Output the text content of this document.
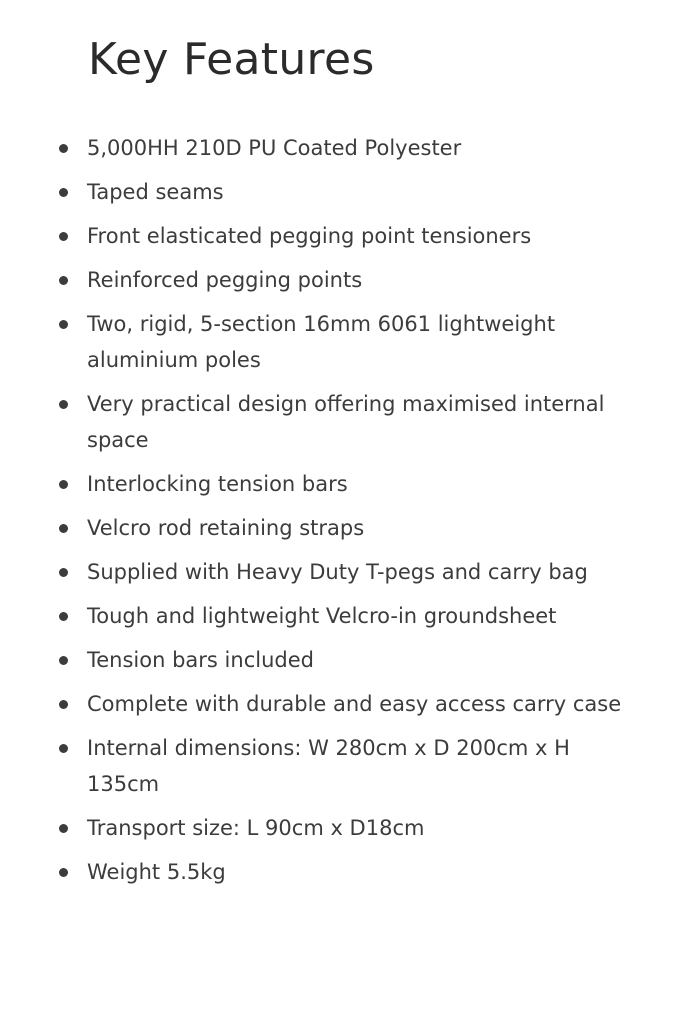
Key Features
5,000HH 210D PU Coated Polyester
Taped seams
Front elasticated pegging point tensioners
Reinforced pegging points
Two, rigid, 5-section 16mm 6061 lightweight aluminium poles
Very practical design offering maximised internal space
Interlocking tension bars
Velcro rod retaining straps
Supplied with Heavy Duty T-pegs and carry bag
Tough and lightweight Velcro-in groundsheet
Tension bars included
Complete with durable and easy access carry case
Internal dimensions: W 280cm x D 200cm x H 135cm
Transport size: L 90cm x D18cm
Weight 5.5kg
